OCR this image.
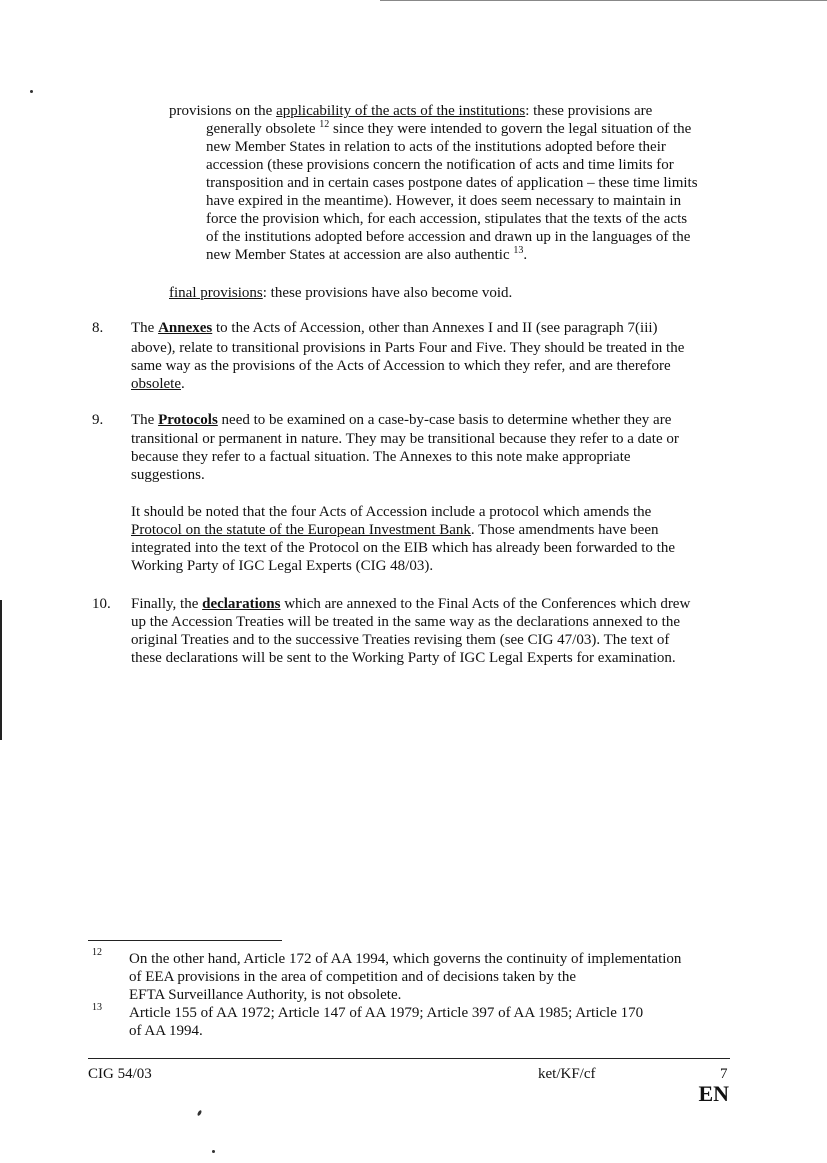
provisions on the applicability of the acts of the institutions: these provisions are
generally obsolete $^{12}$ since they were intended to govern the legal situation of the
new Member States in relation to acts of the institutions adopted before their
accession (these provisions concern the notification of acts and time limits for
transposition and in certain cases postpone dates of application – these time limits
have expired in the meantime). However, it does seem necessary to maintain in
force the provision which, for each accession, stipulates that the texts of the acts
of the institutions adopted before accession and drawn up in the languages of the
new Member States at accession are also authentic $^{13}$.
final provisions: these provisions have also become void.
8. The Annexes to the Acts of Accession, other than Annexes I and II (see paragraph 7(iii)
above), relate to transitional provisions in Parts Four and Five. They should be treated in the
same way as the provisions of the Acts of Accession to which they refer, and are therefore
obsolete.
9. The Protocols need to be examined on a case-by-case basis to determine whether they are
transitional or permanent in nature. They may be transitional because they refer to a date or
because they refer to a factual situation. The Annexes to this note make appropriate
suggestions.
It should be noted that the four Acts of Accession include a protocol which amends the
Protocol on the statute of the European Investment Bank. Those amendments have been
integrated into the text of the Protocol on the EIB which has already been forwarded to the
Working Party of IGC Legal Experts (CIG 48/03).
10. Finally, the declarations which are annexed to the Final Acts of the Conferences which drew
up the Accession Treaties will be treated in the same way as the declarations annexed to the
original Treaties and to the successive Treaties revising them (see CIG 47/03). The text of
these declarations will be sent to the Working Party of IGC Legal Experts for examination.
12 On the other hand, Article 172 of AA 1994, which governs the continuity of implementation
of EEA provisions in the area of competition and of decisions taken by the
EFTA Surveillance Authority, is not obsolete.
13 Article 155 of AA 1972; Article 147 of AA 1979; Article 397 of AA 1985; Article 170
of AA 1994.
CIG 54/03	ket/KF/cf	7
EN
